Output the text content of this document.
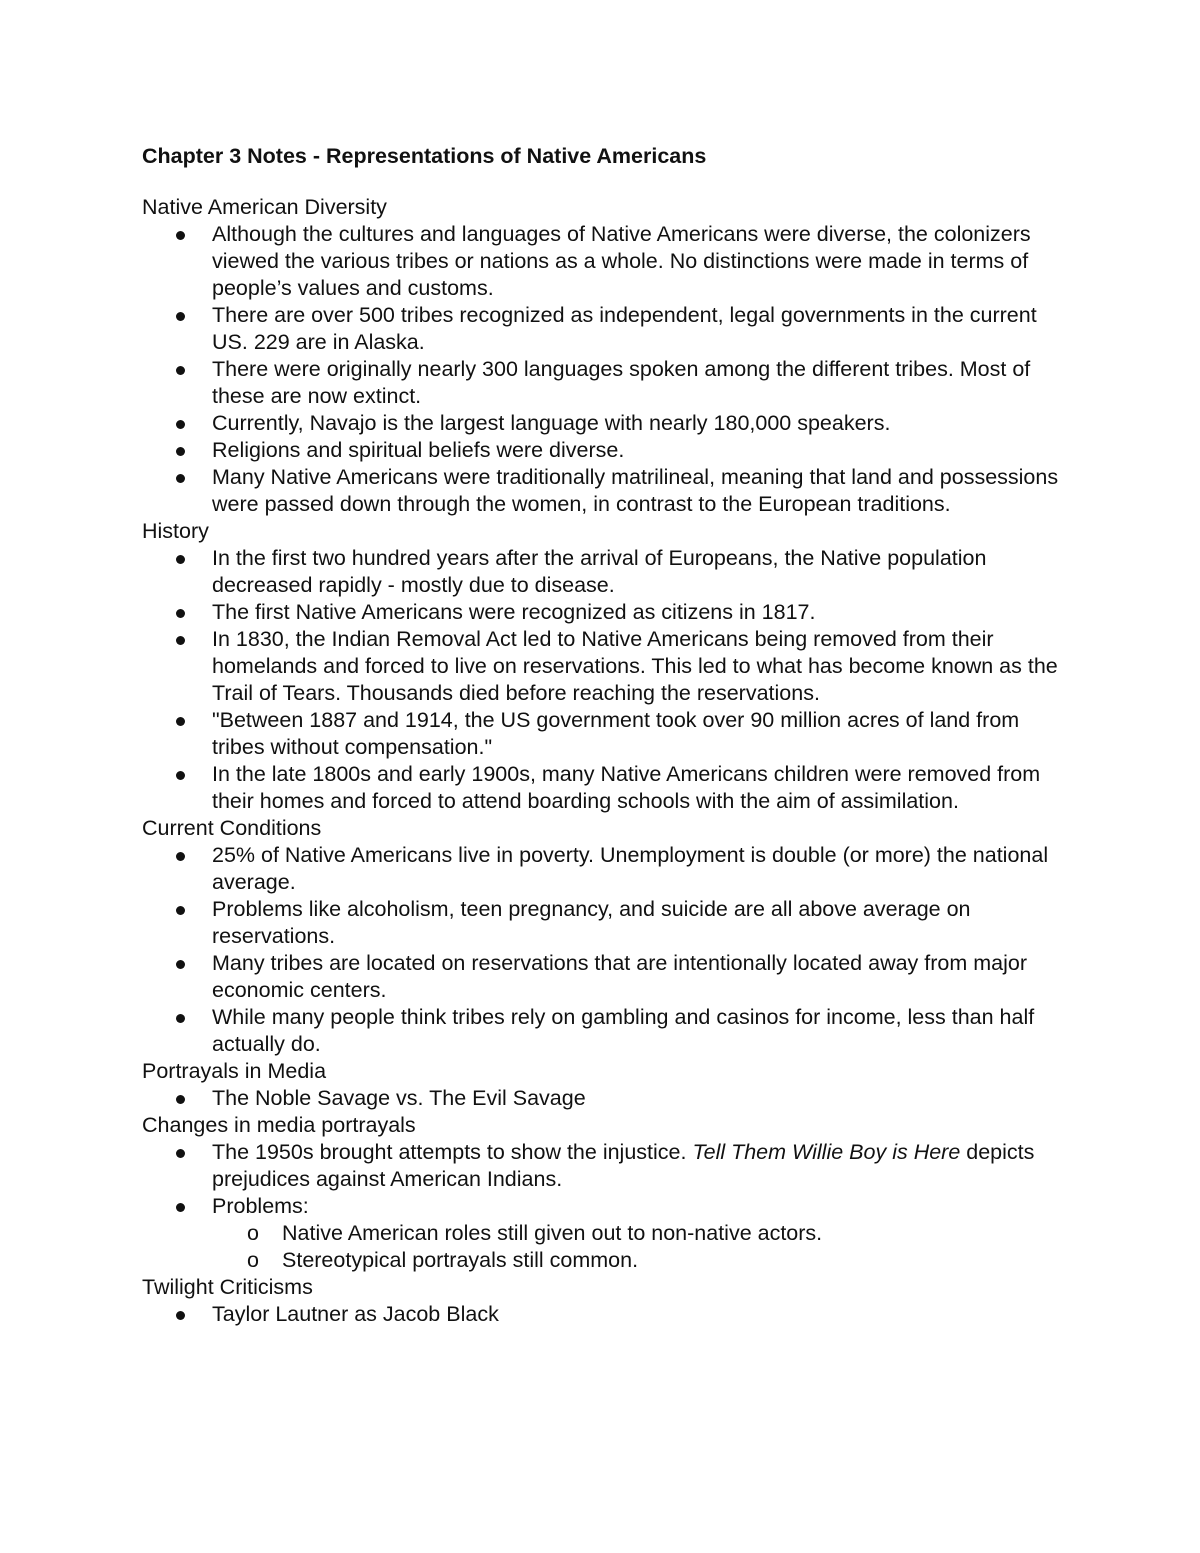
Chapter 3 Notes - Representations of Native Americans
Native American Diversity
Although the cultures and languages of Native Americans were diverse, the colonizers viewed the various tribes or nations as a whole. No distinctions were made in terms of people’s values and customs.
There are over 500 tribes recognized as independent, legal governments in the current US. 229 are in Alaska.
There were originally nearly 300 languages spoken among the different tribes. Most of these are now extinct.
Currently, Navajo is the largest language with nearly 180,000 speakers.
Religions and spiritual beliefs were diverse.
Many Native Americans were traditionally matrilineal, meaning that land and possessions were passed down through the women, in contrast to the European traditions.
History
In the first two hundred years after the arrival of Europeans, the Native population decreased rapidly - mostly due to disease.
The first Native Americans were recognized as citizens in 1817.
In 1830, the Indian Removal Act led to Native Americans being removed from their homelands and forced to live on reservations. This led to what has become known as the Trail of Tears. Thousands died before reaching the reservations.
"Between 1887 and 1914, the US government took over 90 million acres of land from tribes without compensation."
In the late 1800s and early 1900s, many Native Americans children were removed from their homes and forced to attend boarding schools with the aim of assimilation.
Current Conditions
25% of Native Americans live in poverty. Unemployment is double (or more) the national average.
Problems like alcoholism, teen pregnancy, and suicide are all above average on reservations.
Many tribes are located on reservations that are intentionally located away from major economic centers.
While many people think tribes rely on gambling and casinos for income, less than half actually do.
Portrayals in Media
The Noble Savage vs. The Evil Savage
Changes in media portrayals
The 1950s brought attempts to show the injustice. Tell Them Willie Boy is Here depicts prejudices against American Indians.
Problems:
o Native American roles still given out to non-native actors.
o Stereotypical portrayals still common.
Twilight Criticisms
Taylor Lautner as Jacob Black
